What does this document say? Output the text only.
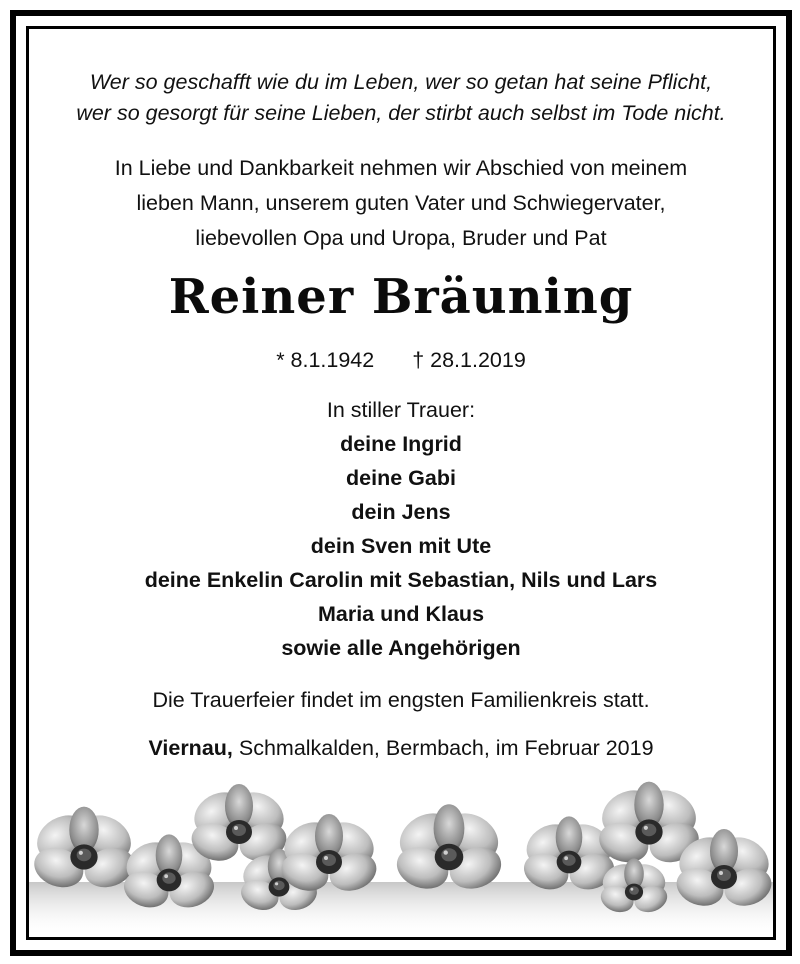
Wer so geschafft wie du im Leben, wer so getan hat seine Pflicht,
wer so gesorgt für seine Lieben, der stirbt auch selbst im Tode nicht.
In Liebe und Dankbarkeit nehmen wir Abschied von meinem
lieben Mann, unserem guten Vater und Schwiegervater,
liebevollen Opa und Uropa, Bruder und Pat
Reiner Bräuning
* 8.1.1942 † 28.1.2019
In stiller Trauer:
deine Ingrid
deine Gabi
dein Jens
dein Sven mit Ute
deine Enkelin Carolin mit Sebastian, Nils und Lars
Maria und Klaus
sowie alle Angehörigen
Die Trauerfeier findet im engsten Familienkreis statt.
Viernau, Schmalkalden, Bermbach, im Februar 2019
